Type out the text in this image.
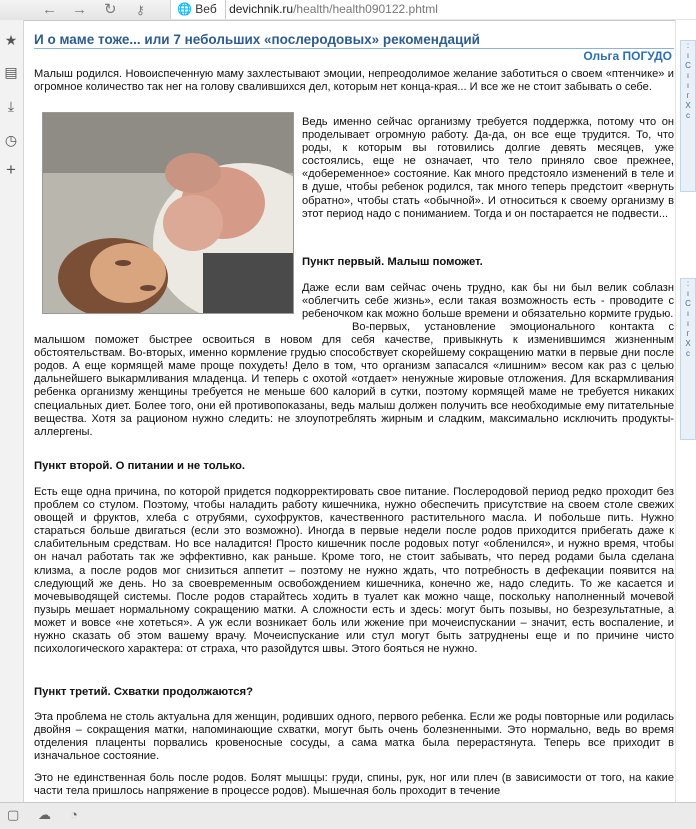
← → ↻ ⚷	🌐 Веб devichnik.ru/health/health090122.phtml
★
▤
⤓
◷
+
И о маме тоже... или 7 небольших «послеродовых» рекомендаций
Ольга ПОГУДО
Малыш родился. Новоиспеченную маму захлестывают эмоции, непреодолимое желание заботиться о своем «птенчике» и огромное количество так нег на голову свалившихся дел, которым нет конца-края... И все же не стоит забывать о себе.
Ведь именно сейчас организму требуется поддержка, потому что он проделывает огромную работу. Да-да, он все еще трудится. То, что роды, к которым вы готовились долгие девять месяцев, уже состоялись, еще не означает, что тело приняло свое прежнее, «добеременное» состояние. Как много предстояло изменений в теле и в душе, чтобы ребенок родился, так много теперь предстоит «вернуть обратно», чтобы стать «обычной». И относиться к своему организму в этот период надо с пониманием. Тогда и он постарается не подвести...
Пункт первый. Малыш поможет.
Даже если вам сейчас очень трудно, как бы ни был велик соблазн «облегчить себе жизнь», если такая возможность есть - проводите с ребеночком как можно больше времени и обязательно кормите грудью.
Во-первых, установление эмоционального контакта с малышом поможет быстрее освоиться в новом для себя качестве, привыкнуть к изменившимся жизненным обстоятельствам. Во-вторых, именно кормление грудью способствует скорейшему сокращению матки в первые дни после родов. А еще кормящей маме проще похудеть! Дело в том, что организм запасался «лишним» весом как раз с целью дальнейшего выкармливания младенца. И теперь с охотой «отдает» ненужные жировые отложения. Для вскармливания ребенка организму женщины требуется не меньше 600 калорий в сутки, поэтому кормящей маме не требуется никаких специальных диет. Более того, они ей противопоказаны, ведь малыш должен получить все необходимые ему питательные вещества. Хотя за рационом нужно следить: не злоупотреблять жирным и сладким, максимально исключить продукты-аллергены.
Пункт второй. О питании и не только.
Есть еще одна причина, по которой придется подкорректировать свое питание. Послеродовой период редко проходит без проблем со стулом. Поэтому, чтобы наладить работу кишечника, нужно обеспечить присутствие на своем столе свежих овощей и фруктов, хлеба с отрубями, сухофруктов, качественного растительного масла. И побольше пить. Нужно стараться больше двигаться (если это возможно). Иногда в первые недели после родов приходится прибегать даже к слабительным средствам. Но все наладится! Просто кишечник после родовых потуг «обленился», и нужно время, чтобы он начал работать так же эффективно, как раньше. Кроме того, не стоит забывать, что перед родами была сделана клизма, а после родов мог снизиться аппетит – поэтому не нужно ждать, что потребность в дефекации появится на следующий же день. Но за своевременным освобождением кишечника, конечно же, надо следить. То же касается и мочевыводящей системы. После родов старайтесь ходить в туалет как можно чаще, поскольку наполненный мочевой пузырь мешает нормальному сокращению матки. А сложности есть и здесь: могут быть позывы, но безрезультатные, а может и вовсе «не хотеться». А уж если возникает боль или жжение при мочеиспускании – значит, есть воспаление, и нужно сказать об этом вашему врачу. Мочеиспускание или стул могут быть затруднены еще и по причине чисто психологического характера: от страха, что разойдутся швы. Этого бояться не нужно.
Пункт третий. Схватки продолжаются?
Эта проблема не столь актуальна для женщин, родивших одного, первого ребенка. Если же роды повторные или родилась двойня – сокращения матки, напоминающие схватки, могут быть очень болезненными. Это нормально, ведь во время отделения плаценты порвались кровеносные сосуды, а сама матка была перерастянута. Теперь все приходит в изначальное состояние.
Это не единственная боль после родов. Болят мышцы: груди, спины, рук, ног или плеч (в зависимости от того, на какие части тела пришлось напряжение в процессе родов). Мышечная боль проходит в течение
:
ı
C
ı
ı
г
X
с
:
ı
C
ı
ı
г
X
с
▢ ☁ ◔
